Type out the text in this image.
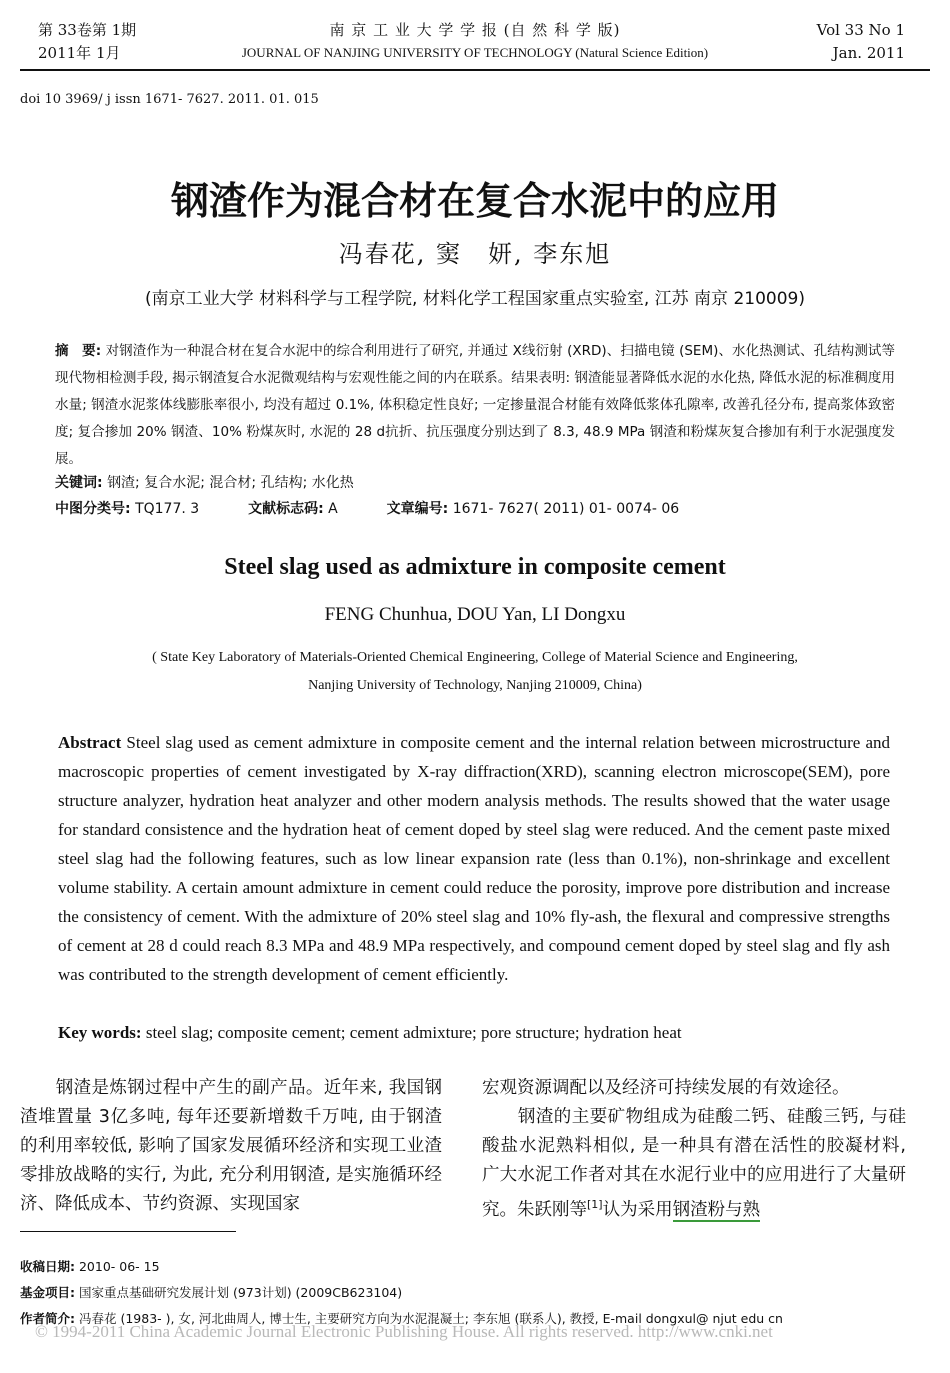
第 33卷第 1期
2011年 1月
南 京 工 业 大 学 学 报 (自 然 科 学 版)
JOURNAL OF NANJING UNIVERSITY OF TECHNOLOGY (Natural Science Edition)
Vol 33 No 1
Jan. 2011
doi 10 3969/ j issn 1671- 7627. 2011. 01. 015
钢渣作为混合材在复合水泥中的应用
冯春花, 窦　妍, 李东旭
(南京工业大学 材料科学与工程学院, 材料化学工程国家重点实验室, 江苏 南京 210009)
摘　要: 对钢渣作为一种混合材在复合水泥中的综合利用进行了研究, 并通过 X线衍射 (XRD)、扫描电镜 (SEM)、水化热测试、孔结构测试等现代物相检测手段, 揭示钢渣复合水泥微观结构与宏观性能之间的内在联系。结果表明: 钢渣能显著降低水泥的水化热, 降低水泥的标准稠度用水量; 钢渣水泥浆体线膨胀率很小, 均没有超过 0.1%, 体积稳定性良好; 一定掺量混合材能有效降低浆体孔隙率, 改善孔径分布, 提高浆体致密度; 复合掺加 20% 钢渣、10% 粉煤灰时, 水泥的 28 d抗折、抗压强度分别达到了 8.3, 48.9 MPa 钢渣和粉煤灰复合掺加有利于水泥强度发展。
关键词: 钢渣; 复合水泥; 混合材; 孔结构; 水化热
中图分类号: TQ177. 3	文献标志码: A	文章编号: 1671- 7627( 2011) 01- 0074- 06
Steel slag used as admixture in composite cement
FENG Chunhua, DOU Yan, LI Dongxu
( State Key Laboratory of Materials-Oriented Chemical Engineering, College of Material Science and Engineering,
Nanjing University of Technology, Nanjing 210009, China)
Abstract Steel slag used as cement admixture in composite cement and the internal relation between microstructure and macroscopic properties of cement investigated by X-ray diffraction(XRD), scanning electron microscope(SEM), pore structure analyzer, hydration heat analyzer and other modern analysis methods. The results showed that the water usage for standard consistence and the hydration heat of cement doped by steel slag were reduced. And the cement paste mixed steel slag had the following features, such as low linear expansion rate (less than 0.1%), non-shrinkage and excellent volume stability. A certain amount admixture in cement could reduce the porosity, improve pore distribution and increase the consistency of cement. With the admixture of 20% steel slag and 10% fly-ash, the flexural and compressive strengths of cement at 28 d could reach 8.3 MPa and 48.9 MPa respectively, and compound cement doped by steel slag and fly ash was contributed to the strength development of cement efficiently.
Key words: steel slag; composite cement; cement admixture; pore structure; hydration heat
　　钢渣是炼钢过程中产生的副产品。近年来, 我国钢渣堆置量 3亿多吨, 每年还要新增数千万吨, 由于钢渣的利用率较低, 影响了国家发展循环经济和实现工业渣零排放战略的实行, 为此, 充分利用钢渣, 是实施循环经济、降低成本、节约资源、实现国家
宏观资源调配以及经济可持续发展的有效途径。
　　钢渣的主要矿物组成为硅酸二钙、硅酸三钙, 与硅酸盐水泥熟料相似, 是一种具有潜在活性的胶凝材料, 广大水泥工作者对其在水泥行业中的应用进行了大量研究。朱跃刚等[1]认为采用钢渣粉与熟
收稿日期: 2010- 06- 15
基金项目: 国家重点基础研究发展计划 (973计划) (2009CB623104)
作者简介: 冯春花 (1983- ), 女, 河北曲周人, 博士生, 主要研究方向为水泥混凝土; 李东旭 (联系人), 教授, E-mail dongxul@ njut edu cn
© 1994-2011 China Academic Journal Electronic Publishing House. All rights reserved. http://www.cnki.net
